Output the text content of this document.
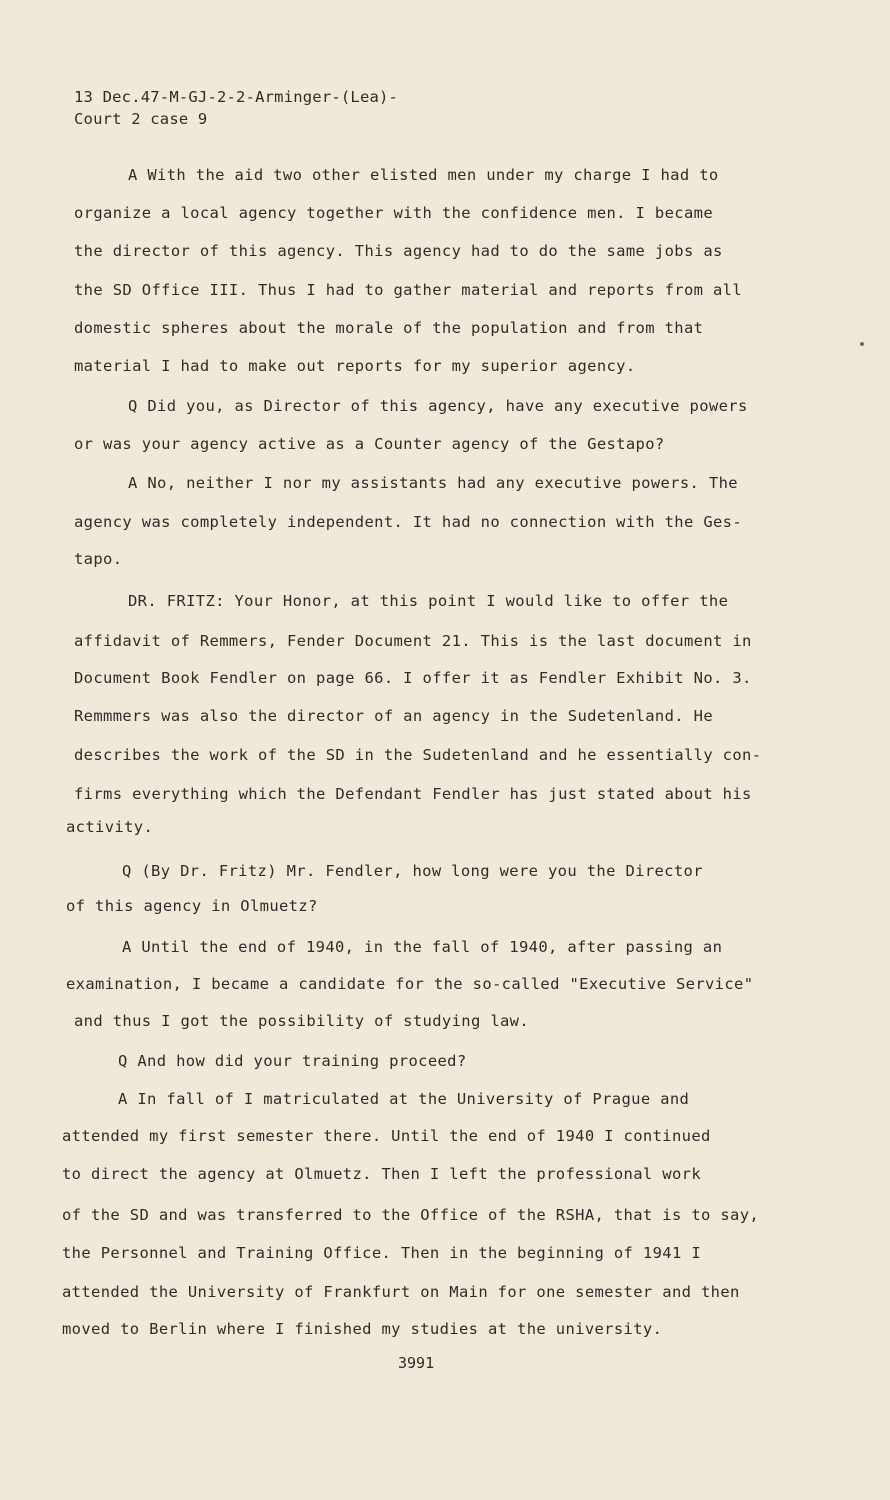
13 Dec.47-M-GJ-2-2-Arminger-(Lea)-
Court 2 case 9
A With the aid two other elisted men under my charge I had to
organize a local agency together with the confidence men. I became
the director of this agency. This agency had to do the same jobs as
the SD Office III. Thus I had to gather material and reports from all
domestic spheres about the morale of the population and from that
material I had to make out reports for my superior agency.
Q Did you, as Director of this agency, have any executive powers
or was your agency active as a Counter agency of the Gestapo?
A No, neither I nor my assistants had any executive powers. The
agency was completely independent. It had no connection with the Ges-
tapo.
DR. FRITZ: Your Honor, at this point I would like to offer the
affidavit of Remmers, Fender Document 21. This is the last document in
Document Book Fendler on page 66. I offer it as Fendler Exhibit No. 3.
Remmmers was also the director of an agency in the Sudetenland. He
describes the work of the SD in the Sudetenland and he essentially con-
firms everything which the Defendant Fendler has just stated about his
activity.
Q (By Dr. Fritz) Mr. Fendler, how long were you the Director
of this agency in Olmuetz?
A Until the end of 1940, in the fall of 1940, after passing an
examination, I became a candidate for the so-called "Executive Service"
and thus I got the possibility of studying law.
Q And how did your training proceed?
A In fall of I matriculated at the University of Prague and
attended my first semester there. Until the end of 1940 I continued
to direct the agency at Olmuetz. Then I left the professional work
of the SD and was transferred to the Office of the RSHA, that is to say,
the Personnel and Training Office. Then in the beginning of 1941 I
attended the University of Frankfurt on Main for one semester and then
moved to Berlin where I finished my studies at the university.
3991
